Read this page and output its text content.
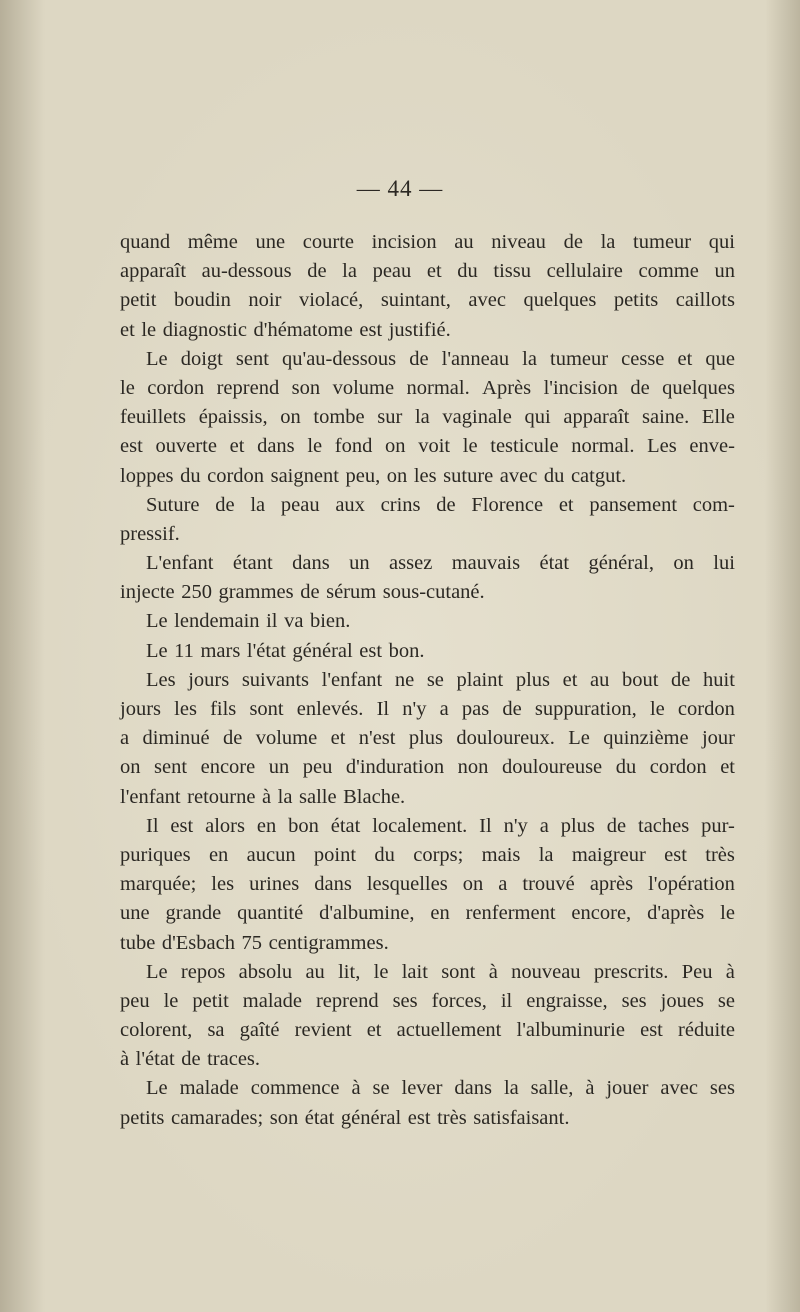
— 44 —
quand même une courte incision au niveau de la tumeur qui
apparaît au-dessous de la peau et du tissu cellulaire comme un
petit boudin noir violacé, suintant, avec quelques petits caillots
et le diagnostic d'hématome est justifié.
Le doigt sent qu'au-dessous de l'anneau la tumeur cesse et que
le cordon reprend son volume normal. Après l'incision de quelques
feuillets épaissis, on tombe sur la vaginale qui apparaît saine. Elle
est ouverte et dans le fond on voit le testicule normal. Les enve-
loppes du cordon saignent peu, on les suture avec du catgut.
Suture de la peau aux crins de Florence et pansement com-
pressif.
L'enfant étant dans un assez mauvais état général, on lui
injecte 250 grammes de sérum sous-cutané.
Le lendemain il va bien.
Le 11 mars l'état général est bon.
Les jours suivants l'enfant ne se plaint plus et au bout de huit
jours les fils sont enlevés. Il n'y a pas de suppuration, le cordon
a diminué de volume et n'est plus douloureux. Le quinzième jour
on sent encore un peu d'induration non douloureuse du cordon et
l'enfant retourne à la salle Blache.
Il est alors en bon état localement. Il n'y a plus de taches pur-
puriques en aucun point du corps; mais la maigreur est très
marquée; les urines dans lesquelles on a trouvé après l'opération
une grande quantité d'albumine, en renferment encore, d'après le
tube d'Esbach 75 centigrammes.
Le repos absolu au lit, le lait sont à nouveau prescrits. Peu à
peu le petit malade reprend ses forces, il engraisse, ses joues se
colorent, sa gaîté revient et actuellement l'albuminurie est réduite
à l'état de traces.
Le malade commence à se lever dans la salle, à jouer avec ses
petits camarades; son état général est très satisfaisant.
